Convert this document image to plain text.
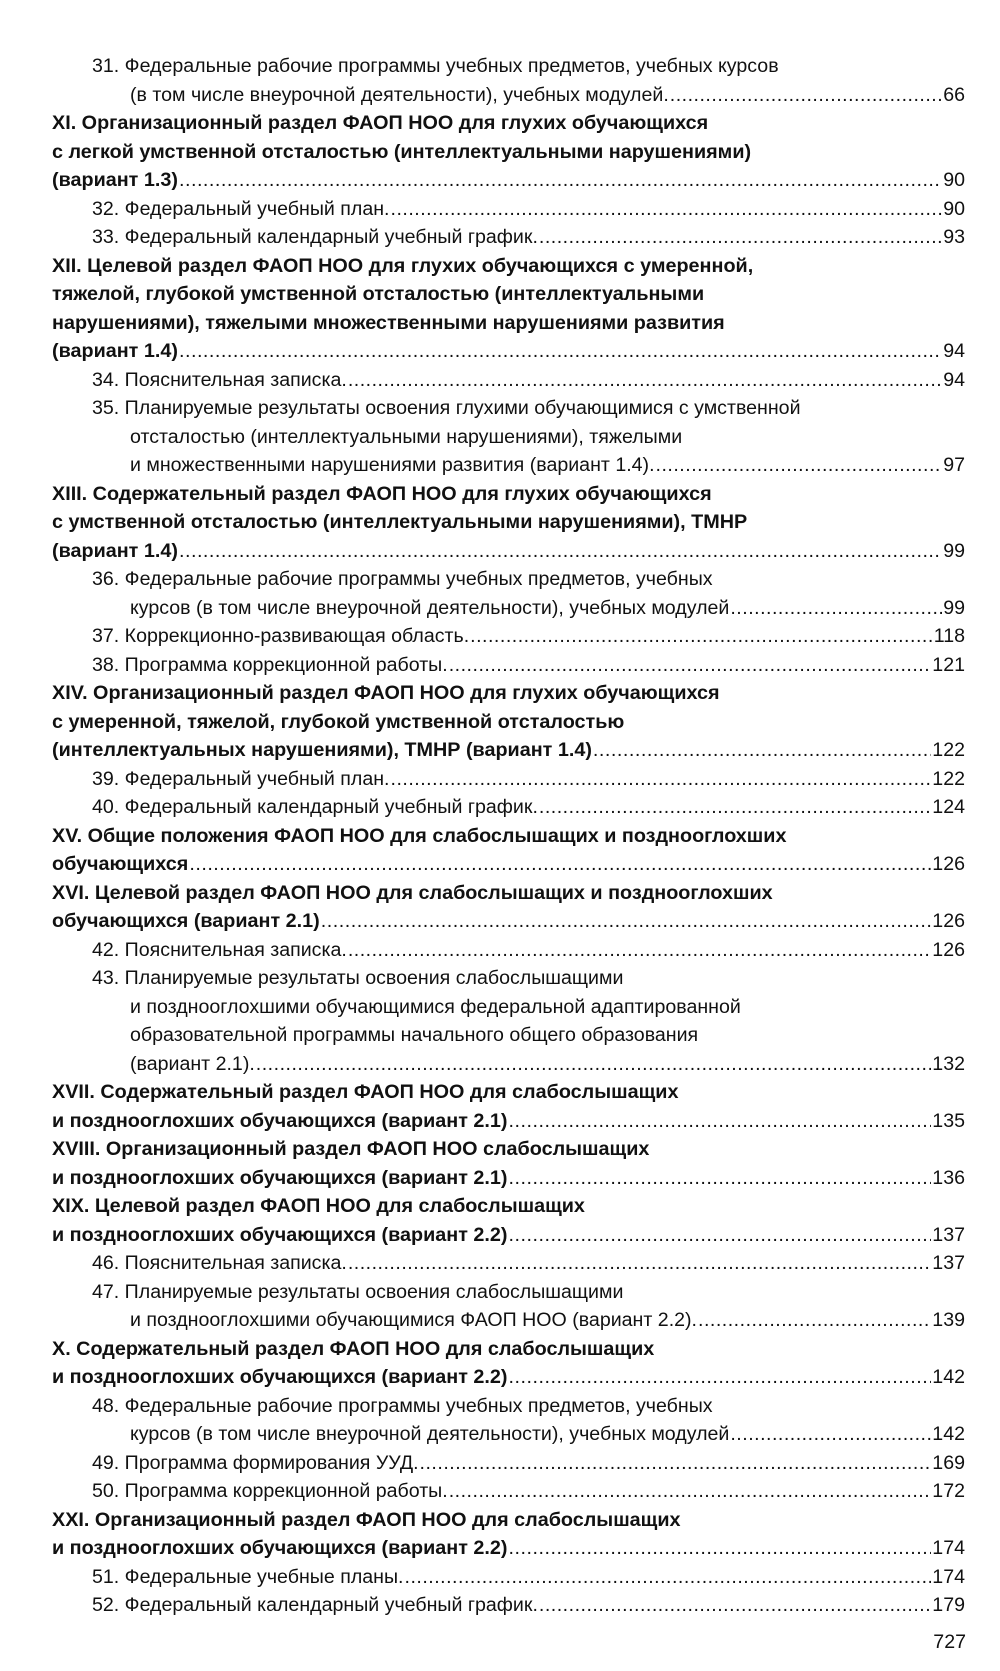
31. Федеральные рабочие программы учебных предметов, учебных курсов
(в том числе внеурочной деятельности), учебных модулей. .....	66
XI. Организационный раздел ФАОП НОО для глухих обучающихся
с легкой умственной отсталостью (интеллектуальными нарушениями)
(вариант 1.3) .....	90
32. Федеральный учебный план. .....	90
33. Федеральный календарный учебный график. .....	93
XII. Целевой раздел ФАОП НОО для глухих обучающихся с умеренной,
тяжелой, глубокой умственной отсталостью (интеллектуальными
нарушениями), тяжелыми множественными нарушениями развития
(вариант 1.4) .....	94
34. Пояснительная записка. .....	94
35. Планируемые результаты освоения глухими обучающимися с умственной
отсталостью (интеллектуальными нарушениями), тяжелыми
и множественными нарушениями развития (вариант 1.4). .....	97
XIII. Содержательный раздел ФАОП НОО для глухих обучающихся
с умственной отсталостью (интеллектуальными нарушениями), ТМНР
(вариант 1.4) .....	99
36. Федеральные рабочие программы учебных предметов, учебных
курсов (в том числе внеурочной деятельности), учебных модулей .....	99
37. Коррекционно-развивающая область. .....	118
38. Программа коррекционной работы. .....	121
XIV. Организационный раздел ФАОП НОО для глухих обучающихся
с умеренной, тяжелой, глубокой умственной отсталостью
(интеллектуальных нарушениями), ТМНР (вариант 1.4) .....	122
39. Федеральный учебный план. .....	122
40. Федеральный календарный учебный график. .....	124
XV. Общие положения ФАОП НОО для слабослышащих и позднооглохших
обучающихся .....	126
XVI. Целевой раздел ФАОП НОО для слабослышащих и позднооглохших
обучающихся (вариант 2.1) .....	126
42. Пояснительная записка. .....	126
43. Планируемые результаты освоения слабослышащими
и позднооглохшими обучающимися федеральной адаптированной
образовательной программы начального общего образования
(вариант 2.1). .....	132
XVII. Содержательный раздел ФАОП НОО для слабослышащих
и позднооглохших обучающихся (вариант 2.1) .....	135
XVIII. Организационный раздел ФАОП НОО слабослышащих
и позднооглохших обучающихся (вариант 2.1) .....	136
XIX. Целевой раздел ФАОП НОО для слабослышащих
и позднооглохших обучающихся (вариант 2.2) .....	137
46. Пояснительная записка. .....	137
47. Планируемые результаты освоения слабослышащими
и позднооглохшими обучающимися ФАОП НОО (вариант 2.2). .....	139
X. Содержательный раздел ФАОП НОО для слабослышащих
и позднооглохших обучающихся (вариант 2.2) .....	142
48. Федеральные рабочие программы учебных предметов, учебных
курсов (в том числе внеурочной деятельности), учебных модулей .....	142
49. Программа формирования УУД. .....	169
50. Программа коррекционной работы. .....	172
XXI. Организационный раздел ФАОП НОО для слабослышащих
и позднооглохших обучающихся (вариант 2.2) .....	174
51. Федеральные учебные планы. .....	174
52. Федеральный календарный учебный график. .....	179
727
